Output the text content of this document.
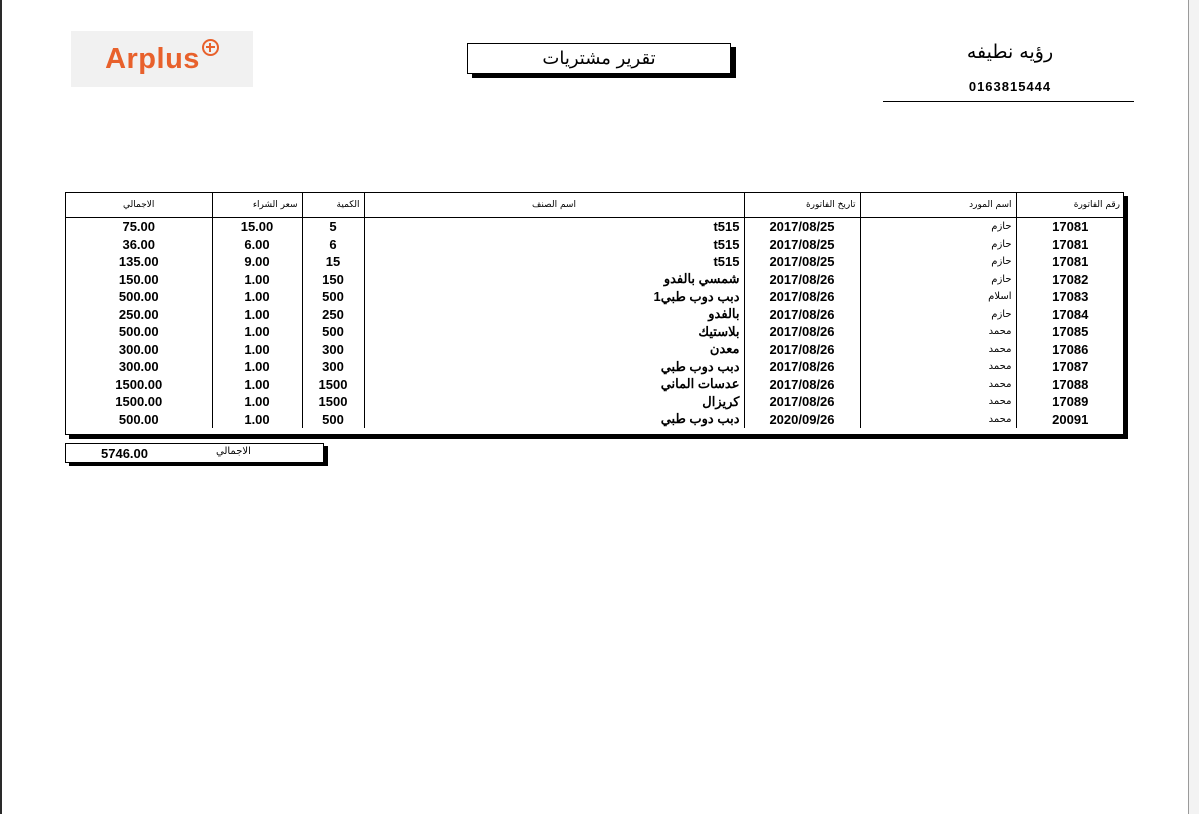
Arplus	تقرير مشتريات	رؤيه نطيفه
0163815444
رقم الفاتورة	اسم المورد	تاريخ الفاتورة	اسم الصنف	الكمية	سعر الشراء	الاجمالي
17081	حازم	2017/08/25	t515	5	15.00	75.00
17081	حازم	2017/08/25	t515	6	6.00	36.00
17081	حازم	2017/08/25	t515	15	9.00	135.00
17082	حازم	2017/08/26	شمسي بالفدو	150	1.00	150.00
17083	اسلام	2017/08/26	دبب دوب طبي1	500	1.00	500.00
17084	حازم	2017/08/26	بالفدو	250	1.00	250.00
17085	محمد	2017/08/26	بلاستيك	500	1.00	500.00
17086	محمد	2017/08/26	معدن	300	1.00	300.00
17087	محمد	2017/08/26	دبب دوب طبي	300	1.00	300.00
17088	محمد	2017/08/26	عدسات الماني	1500	1.00	1500.00
17089	محمد	2017/08/26	كريزال	1500	1.00	1500.00
20091	محمد	2020/09/26	دبب دوب طبي	500	1.00	500.00
5746.00	الاجمالي
